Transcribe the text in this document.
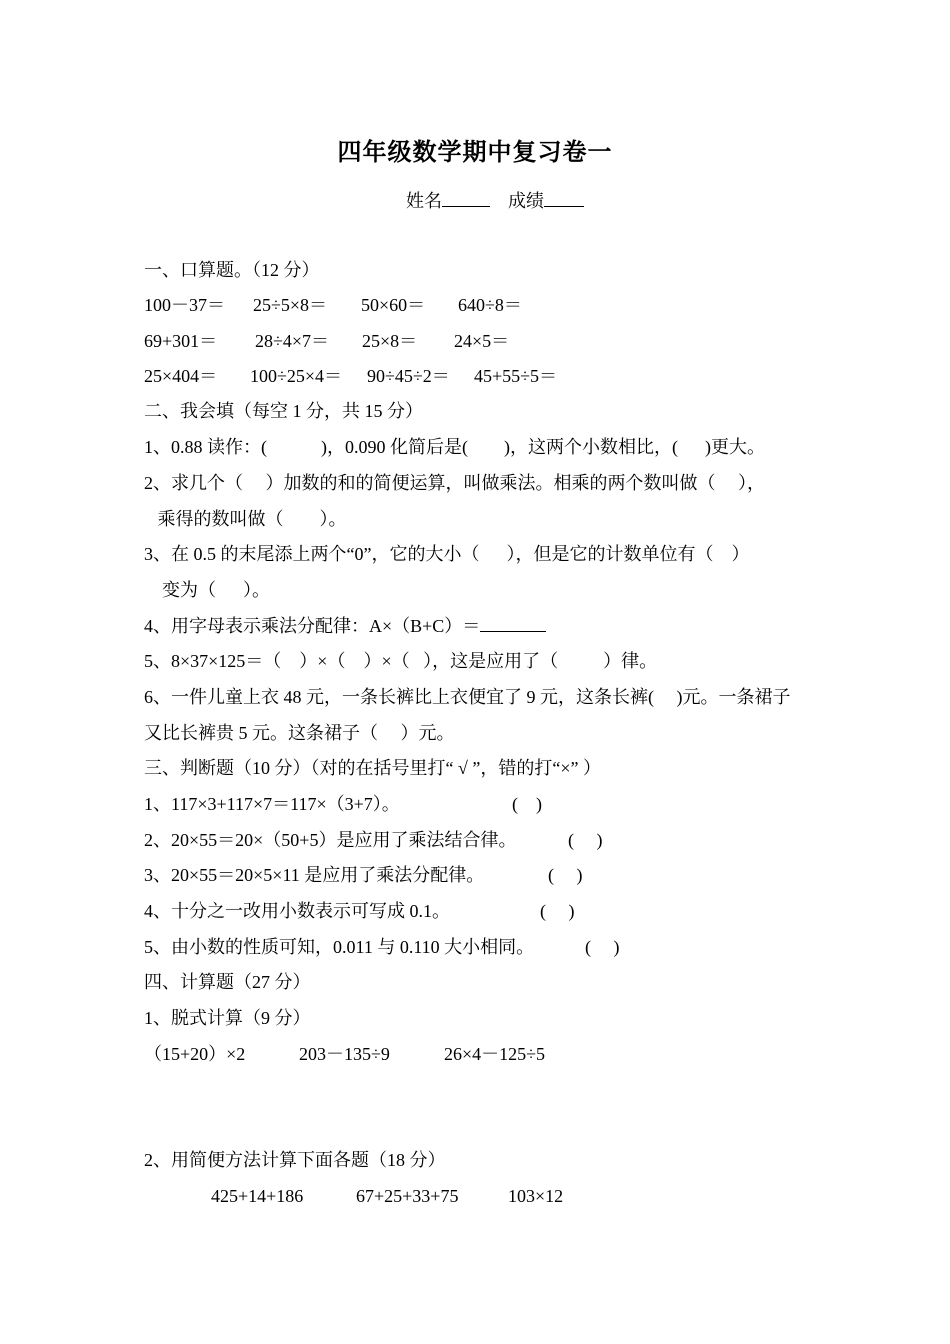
四年级数学期中复习卷一
姓名	成绩
一、口算题。（12 分）
100－37＝ 25÷5×8＝ 50×60＝ 640÷8＝
69+301＝ 28÷4×7＝ 25×8＝ 24×5＝
25×404＝ 100÷25×4＝ 90÷45÷2＝ 45+55÷5＝
二、我会填（每空 1 分，共 15 分）
1、0.88 读作：(            )，0.090 化简后是(        )，这两个小数相比，(      )更大。
2、求几个（     ）加数的和的简便运算，叫做乘法。相乘的两个数叫做（     ），
乘得的数叫做（        ）。
3、在 0.5 的末尾添上两个“0”，它的大小（      ），但是它的计数单位有（    ）
变为（      ）。
4、用字母表示乘法分配律：A×（B+C）＝
5、8×37×125＝（    ）×（    ）×（   ），这是应用了（          ）律。
6、一件儿童上衣 48 元，一条长裤比上衣便宜了 9 元，这条长裤(     )元。一条裙子
又比长裤贵 5 元。这条裙子（     ）元。
三、判断题（10 分）（对的在括号里打“ √ ”，错的打“×” ）
1、117×3+117×7＝117×（3+7）。	(    )
2、20×55＝20×（50+5）是应用了乘法结合律。	(     )
3、20×55＝20×5×11 是应用了乘法分配律。	(     )
4、十分之一改用小数表示可写成 0.1。	(     )
5、由小数的性质可知，0.011 与 0.110 大小相同。	(     )
四、计算题（27 分）
1、脱式计算（9 分）
（15+20）×2	203－135÷9	26×4－125÷5
2、用简便方法计算下面各题（18 分）
425+14+186	67+25+33+75	103×12
